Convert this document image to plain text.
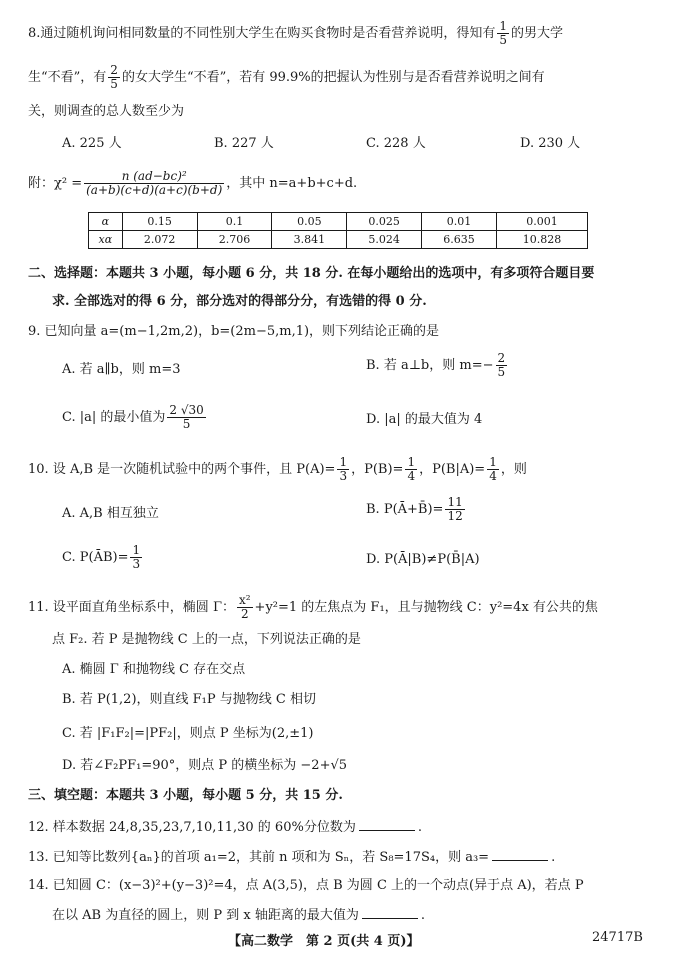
8.通过随机询问相同数量的不同性别大学生在购买食物时是否看营养说明，得知有 $\frac{1}{5}$ 的男大学
生“不看”，有 $\frac{2}{5}$ 的女大学生“不看”，若有 99.9%的把握认为性别与是否看营养说明之间有
关，则调查的总人数至少为
A. 225 人	B. 227 人	C. 228 人	D. 230 人
附：$\chi^2 = \frac{\text{n (ad−bc)²}}{(a+b)(c+d)(a+c)(b+d)}$ ，其中 n=a+b+c+d.
α	0.15	0.1	0.05	0.025	0.01	0.001
xα	2.072	2.706	3.841	5.024	6.635	10.828
二、选择题：本题共 3 小题，每小题 6 分，共 18 分. 在每小题给出的选项中，有多项符合题目要
求. 全部选对的得 6 分，部分选对的得部分分，有选错的得 0 分.
9. 已知向量 a=(m−1,2m,2)，b=(2m−5,m,1)，则下列结论正确的是
A. 若 a∥b，则 m=3	B. 若 a⊥b，则 $m=- \frac{2}{5}$
C. |a| 的最小值为 $\frac{2 √30}{5}$	D. |a| 的最大值为 4
10. 设 A,B 是一次随机试验中的两个事件，且 $P(A)= \frac{1}{3}$ ，$P(B)= \frac{1}{4}$ ，$P(B|A)= \frac{1}{4}$ ，则
A. A,B 相互独立	B. P(Ā+B̄)= $\frac{11}{12}$
C. P(ĀB)= $\frac{1}{3}$	D. P(Ā|B)≠P(B̄|A)
11. 设平面直角坐标系中，椭圆 Γ： $\frac{\text{x²}}{2} +y^2=1$ 的左焦点为 F₁，且与抛物线 C：y²=4x 有公共的焦
点 F₂. 若 P 是抛物线 C 上的一点，下列说法正确的是
A. 椭圆 Γ 和抛物线 C 存在交点
B. 若 P(1,2)，则直线 F₁P 与抛物线 C 相切
C. 若 |F₁F₂|=|PF₂|，则点 P 坐标为(2,±1)
D. 若∠F₂PF₁=90°，则点 P 的横坐标为 −2+√5
三、填空题：本题共 3 小题，每小题 5 分，共 15 分.
12. 样本数据 24,8,35,23,7,10,11,30 的 60%分位数为	.
13. 已知等比数列{aₙ}的首项 a₁=2，其前 n 项和为 Sₙ，若 S₈=17S₄，则 a₃=	.
14. 已知圆 C：(x−3)²+(y−3)²=4，点 A(3,5)，点 B 为圆 C 上的一个动点(异于点 A)，若点 P
在以 AB 为直径的圆上，则 P 到 x 轴距离的最大值为	.
【高二数学　第 2 页(共 4 页)】	24717B
